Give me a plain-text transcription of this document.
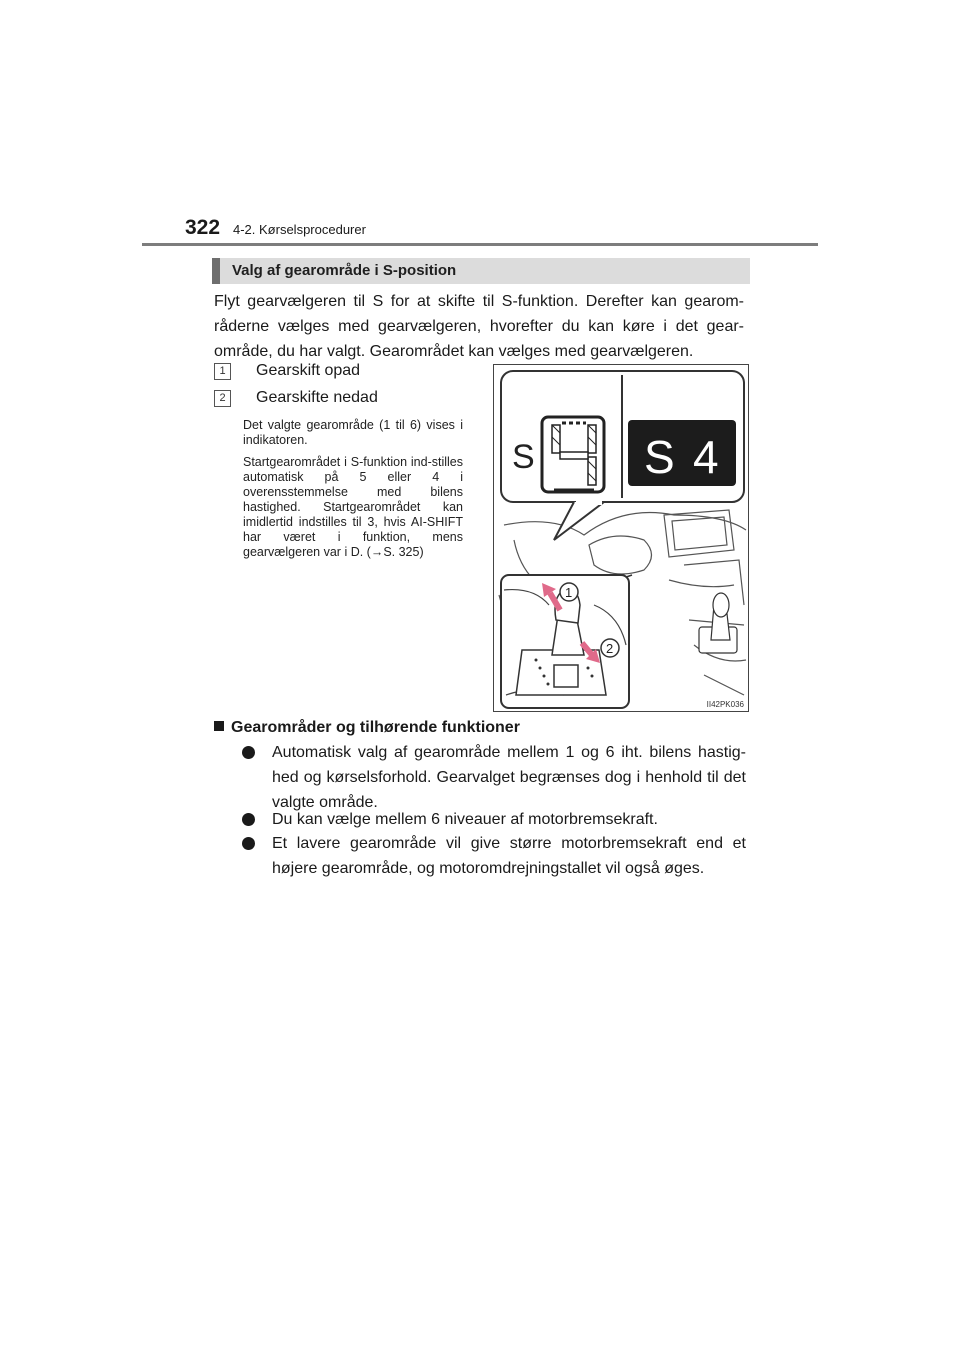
322 4-2. Kørselsprocedurer
Valg af gearområde i S-position

Flyt gearvælgeren til S for at skifte til S-funktion. Derefter kan gearom-råderne vælges med gearvælgeren, hvorefter du kan køre i det gear-område, du har valgt. Gearområdet kan vælges med gearvælgeren.

1	Gearskift opad
2	Gearskifte nedad

Det valgte gearområde (1 til 6) vises i indikatoren.

Startgearområdet i S-funktion ind-stilles automatisk på 5 eller 4 i overensstemmelse med bilens hastighed. Startgearområdet kan imidlertid indstilles til 3, hvis AI-SHIFT har været i funktion, mens gearvælgeren var i D. (→S. 325)

S S 4
1
2
II42PK036
Gearområder og tilhørende funktioner

Automatisk valg af gearområde mellem 1 og 6 iht. bilens hastig-hed og kørselsforhold. Gearvalget begrænses dog i henhold til det valgte område.

Du kan vælge mellem 6 niveauer af motorbremsekraft.

Et lavere gearområde vil give større motorbremsekraft end et højere gearområde, og motoromdrejningstallet vil også øges.
